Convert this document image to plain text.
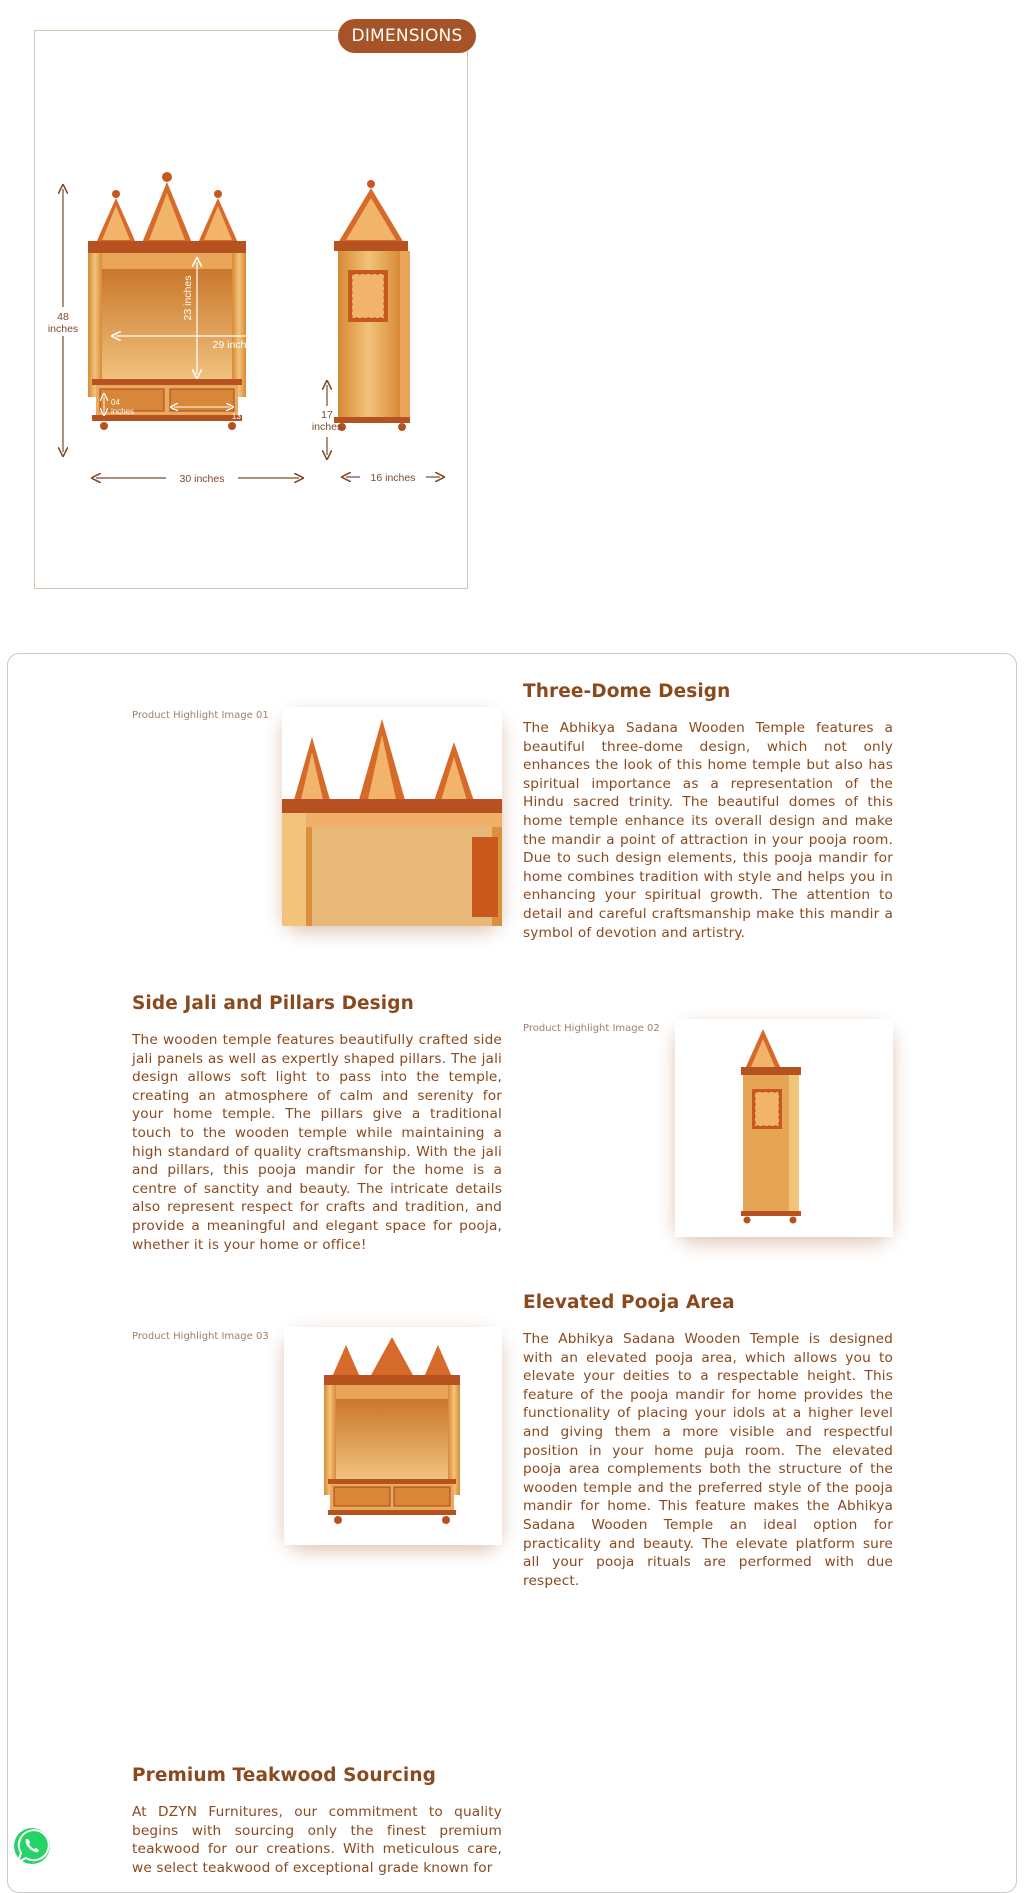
48
inches
17
inches
30 inches	16 inches
23 inches
29 inches
04
inches
13 inches
DIMENSIONS
Product Highlight Image 01
Three-Dome Design
The Abhikya Sadana Wooden Temple features a beautiful three-dome design, which not only enhances the look of this home temple but also has spiritual importance as a representation of the Hindu sacred trinity. The beautiful domes of this home temple enhance its overall design and make the mandir a point of attraction in your pooja room. Due to such design elements, this pooja mandir for home combines tradition with style and helps you in enhancing your spiritual growth. The attention to detail and careful craftsmanship make this mandir a symbol of devotion and artistry.
Side Jali and Pillars Design
The wooden temple features beautifully crafted side jali panels as well as expertly shaped pillars. The jali design allows soft light to pass into the temple, creating an atmosphere of calm and serenity for your home temple. The pillars give a traditional touch to the wooden temple while maintaining a high standard of quality craftsmanship. With the jali and pillars, this pooja mandir for the home is a centre of sanctity and beauty. The intricate details also represent respect for crafts and tradition, and provide a meaningful and elegant space for pooja, whether it is your home or office!
Product Highlight Image 02
Product Highlight Image 03
Elevated Pooja Area
The Abhikya Sadana Wooden Temple is designed with an elevated pooja area, which allows you to elevate your deities to a respectable height. This feature of the pooja mandir for home provides the functionality of placing your idols at a higher level and giving them a more visible and respectful position in your home puja room. The elevated pooja area complements both the structure of the wooden temple and the preferred style of the pooja mandir for home. This feature makes the Abhikya Sadana Wooden Temple an ideal option for practicality and beauty. The elevate platform sure all your pooja rituals are performed with due respect.
Premium Teakwood Sourcing
At DZYN Furnitures, our commitment to quality begins with sourcing only the finest premium teakwood for our creations. With meticulous care, we select teakwood of exceptional grade known for
